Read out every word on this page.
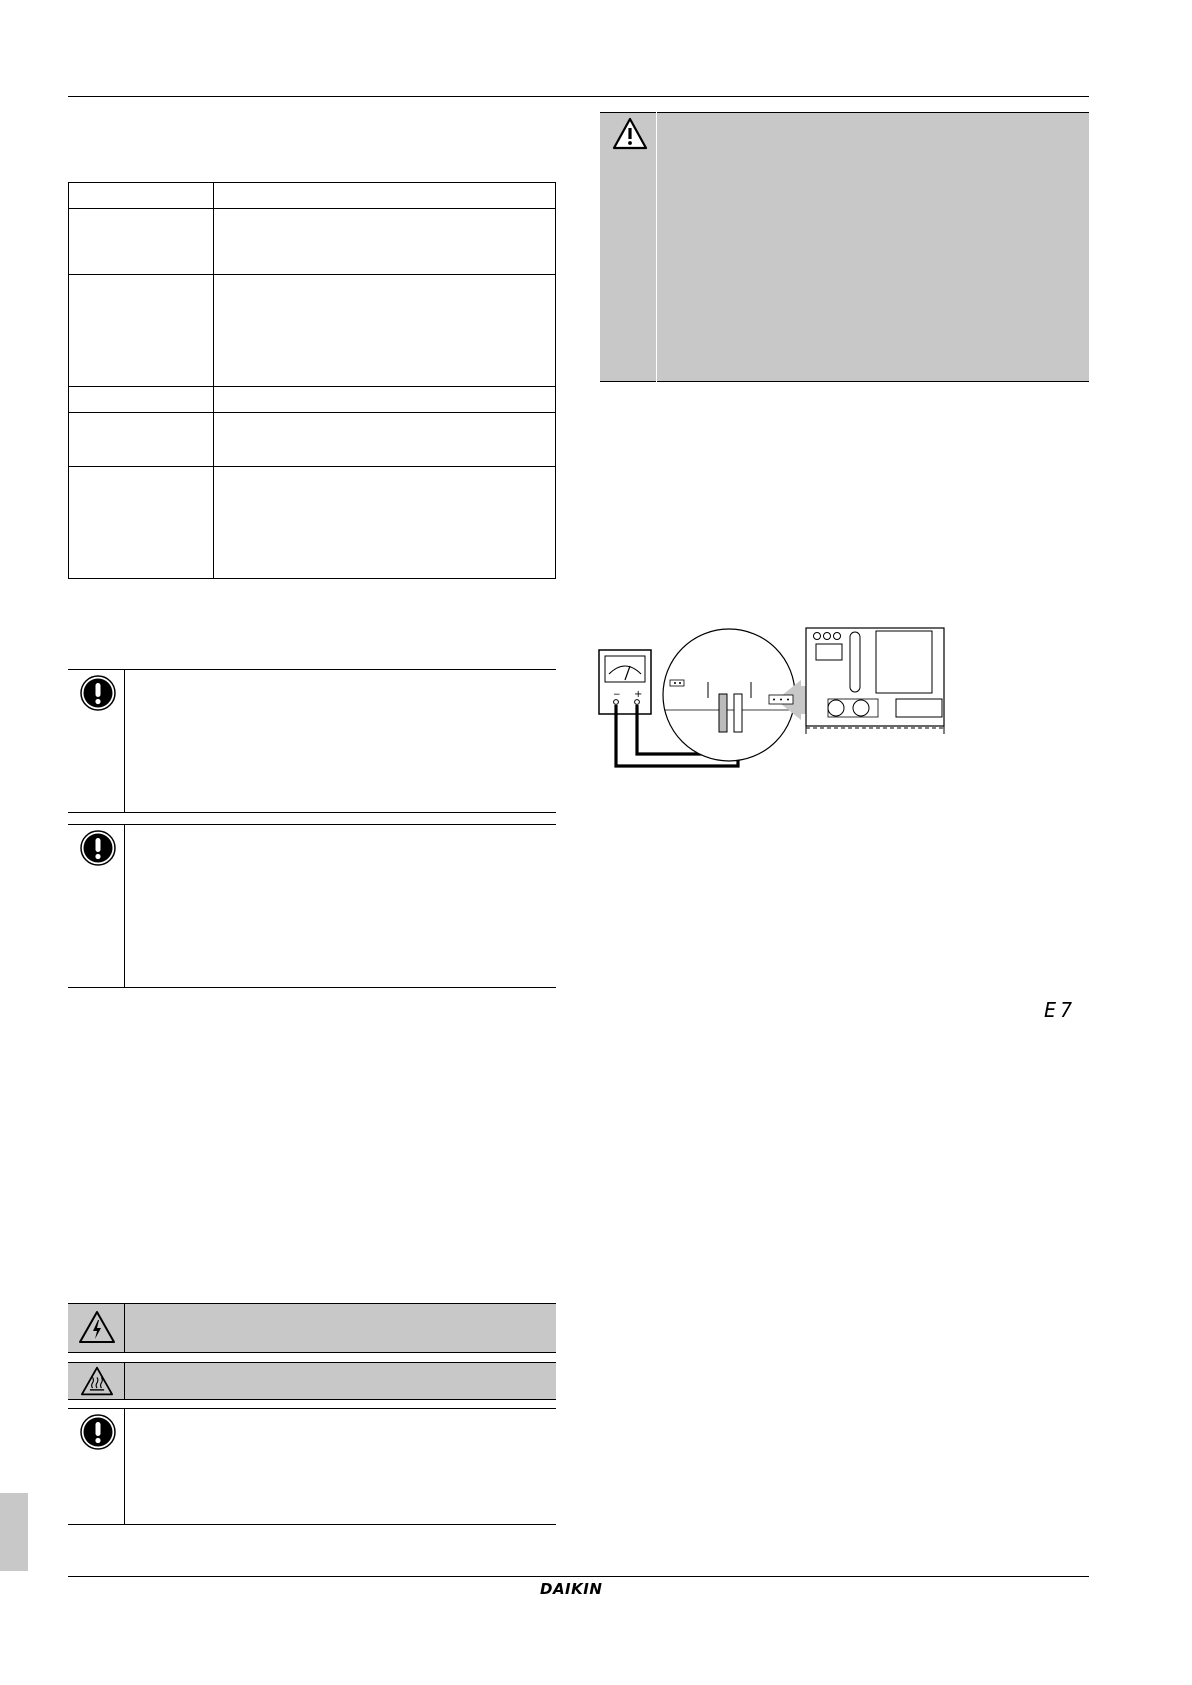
− +
E7
DAIKIN
